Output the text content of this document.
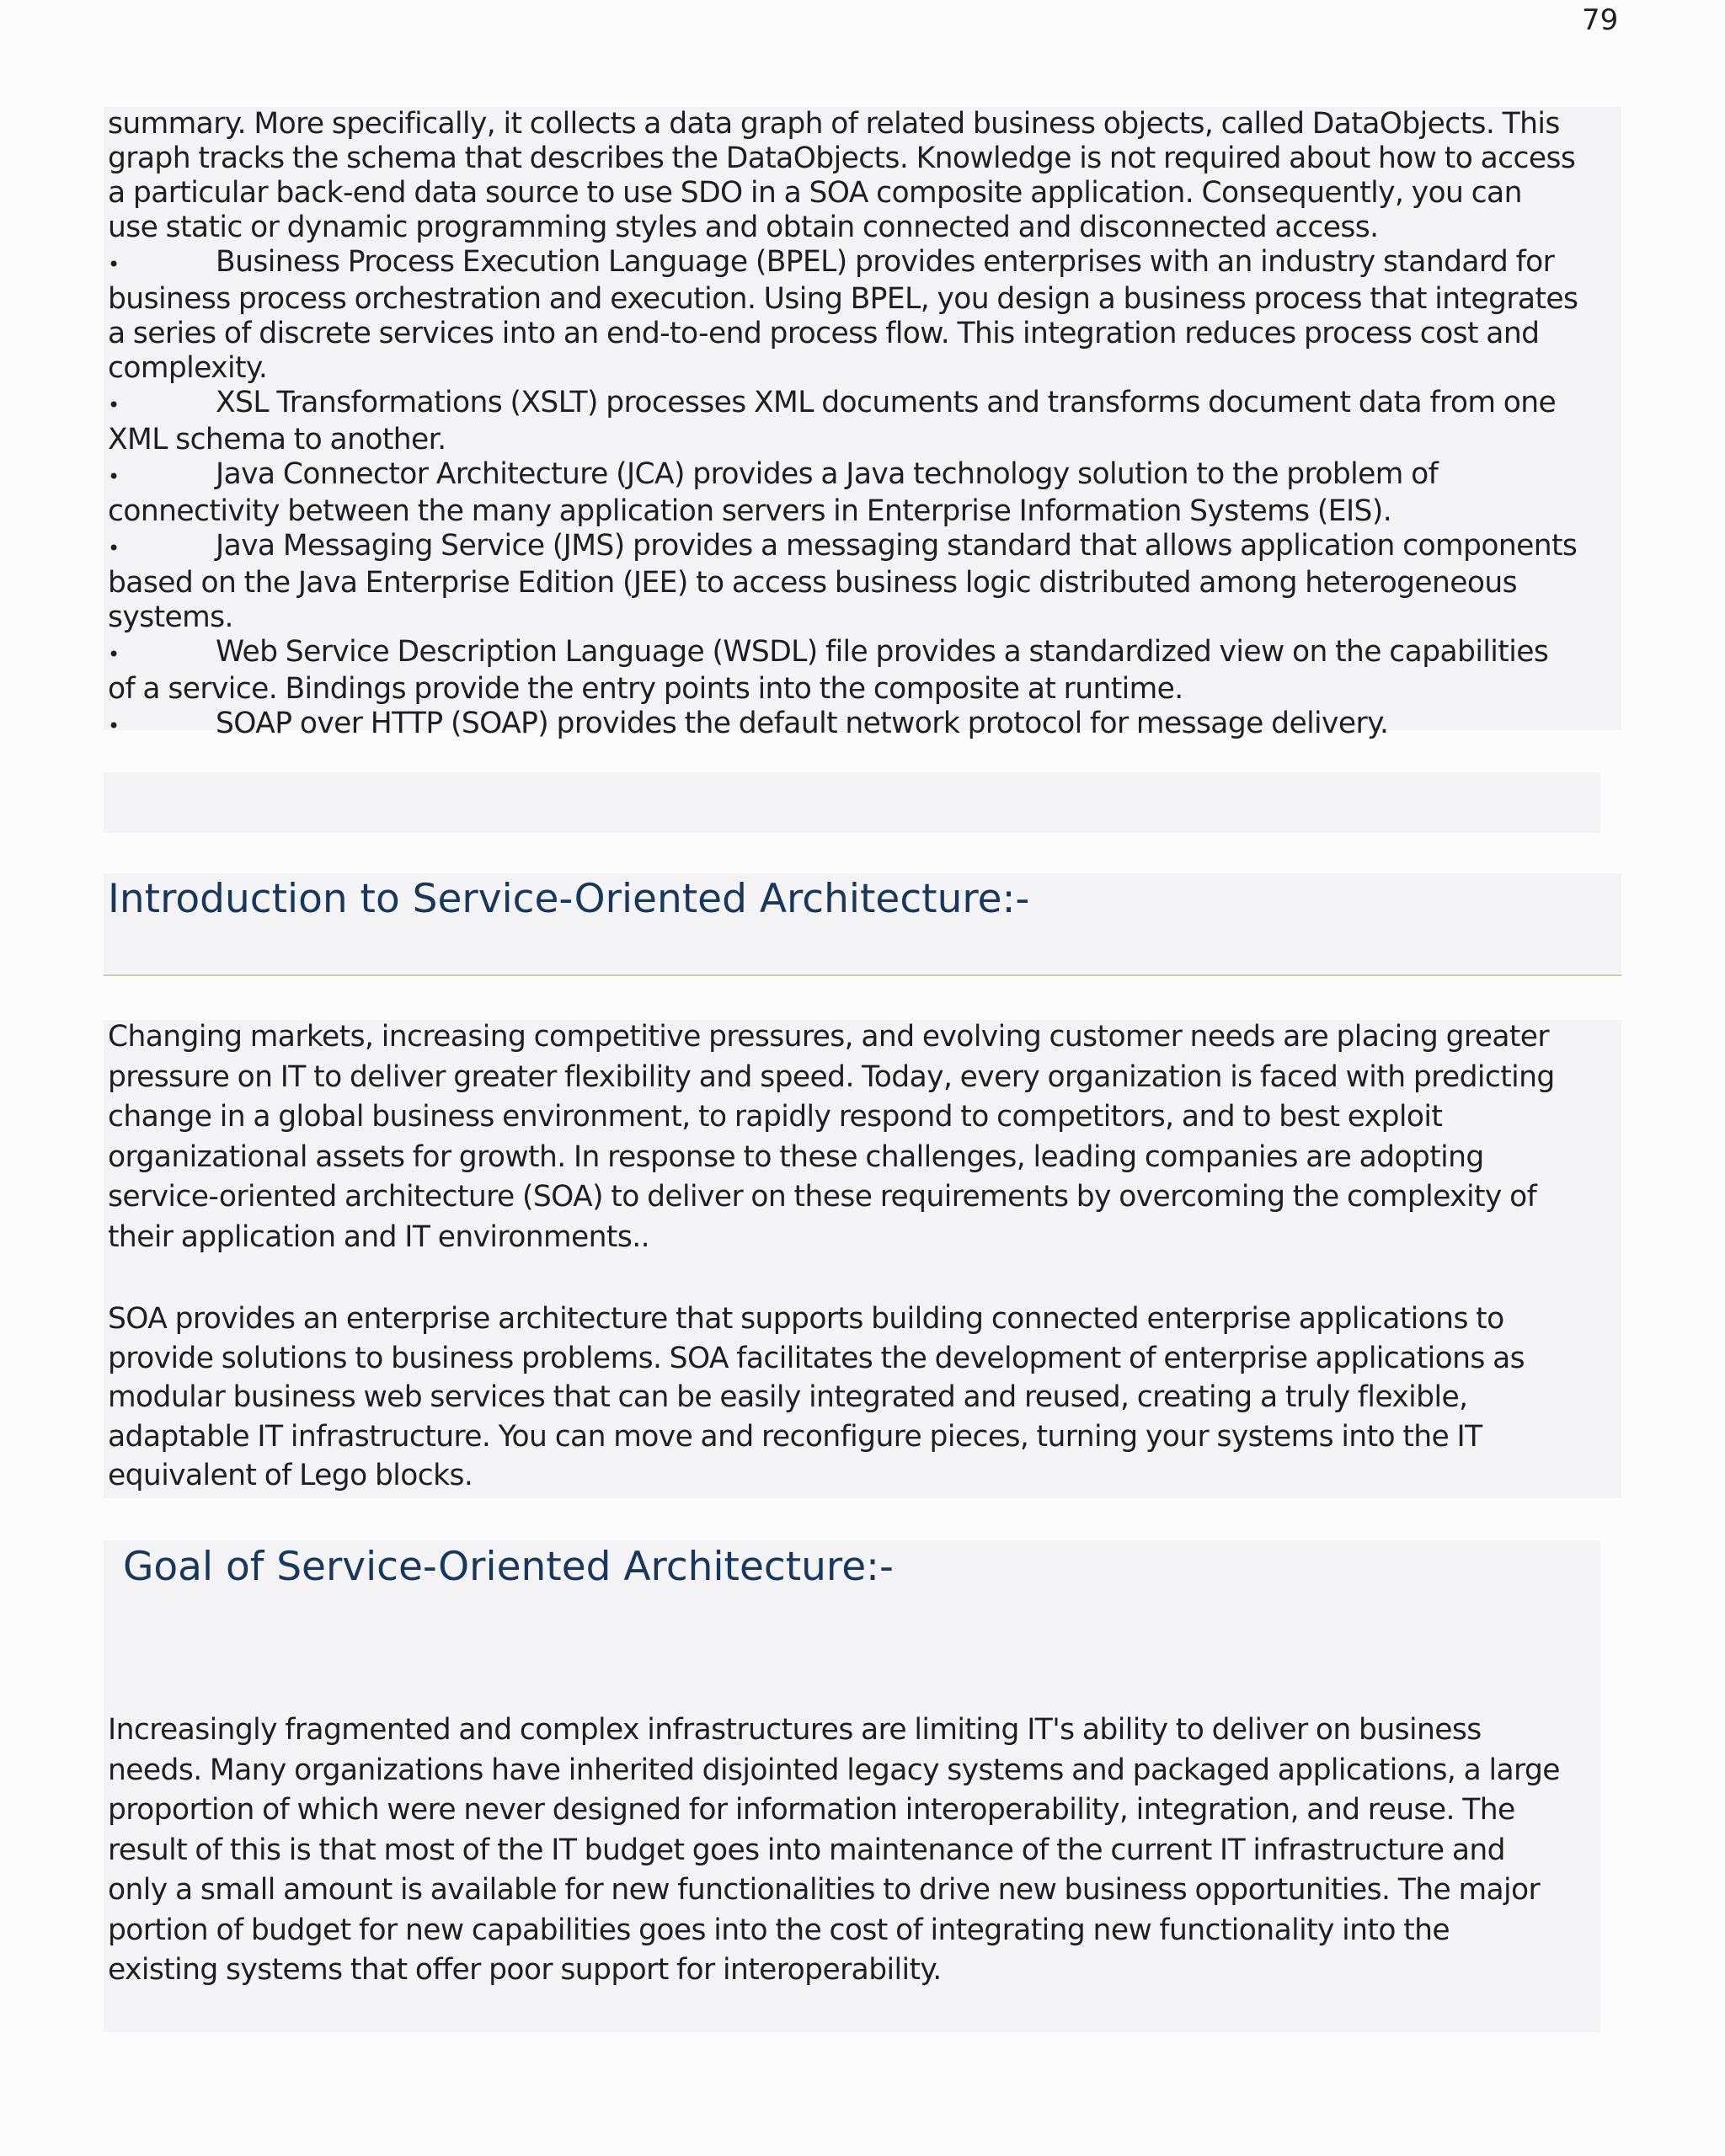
79
summary. More specifically, it collects a data graph of related business objects, called DataObjects. This
graph tracks the schema that describes the DataObjects. Knowledge is not required about how to access
a particular back-end data source to use SDO in a SOA composite application. Consequently, you can
use static or dynamic programming styles and obtain connected and disconnected access.
•	Business Process Execution Language (BPEL) provides enterprises with an industry standard for
business process orchestration and execution. Using BPEL, you design a business process that integrates
a series of discrete services into an end-to-end process flow. This integration reduces process cost and
complexity.
•	XSL Transformations (XSLT) processes XML documents and transforms document data from one
XML schema to another.
•	Java Connector Architecture (JCA) provides a Java technology solution to the problem of
connectivity between the many application servers in Enterprise Information Systems (EIS).
•	Java Messaging Service (JMS) provides a messaging standard that allows application components
based on the Java Enterprise Edition (JEE) to access business logic distributed among heterogeneous
systems.
•	Web Service Description Language (WSDL) file provides a standardized view on the capabilities
of a service. Bindings provide the entry points into the composite at runtime.
•	SOAP over HTTP (SOAP) provides the default network protocol for message delivery.
Introduction to Service-Oriented Architecture:-
Changing markets, increasing competitive pressures, and evolving customer needs are placing greater
pressure on IT to deliver greater flexibility and speed. Today, every organization is faced with predicting
change in a global business environment, to rapidly respond to competitors, and to best exploit
organizational assets for growth. In response to these challenges, leading companies are adopting
service-oriented architecture (SOA) to deliver on these requirements by overcoming the complexity of
their application and IT environments..
SOA provides an enterprise architecture that supports building connected enterprise applications to
provide solutions to business problems. SOA facilitates the development of enterprise applications as
modular business web services that can be easily integrated and reused, creating a truly flexible,
adaptable IT infrastructure. You can move and reconfigure pieces, turning your systems into the IT
equivalent of Lego blocks.
Goal of Service-Oriented Architecture:-
Increasingly fragmented and complex infrastructures are limiting IT's ability to deliver on business
needs. Many organizations have inherited disjointed legacy systems and packaged applications, a large
proportion of which were never designed for information interoperability, integration, and reuse. The
result of this is that most of the IT budget goes into maintenance of the current IT infrastructure and
only a small amount is available for new functionalities to drive new business opportunities. The major
portion of budget for new capabilities goes into the cost of integrating new functionality into the
existing systems that offer poor support for interoperability.
